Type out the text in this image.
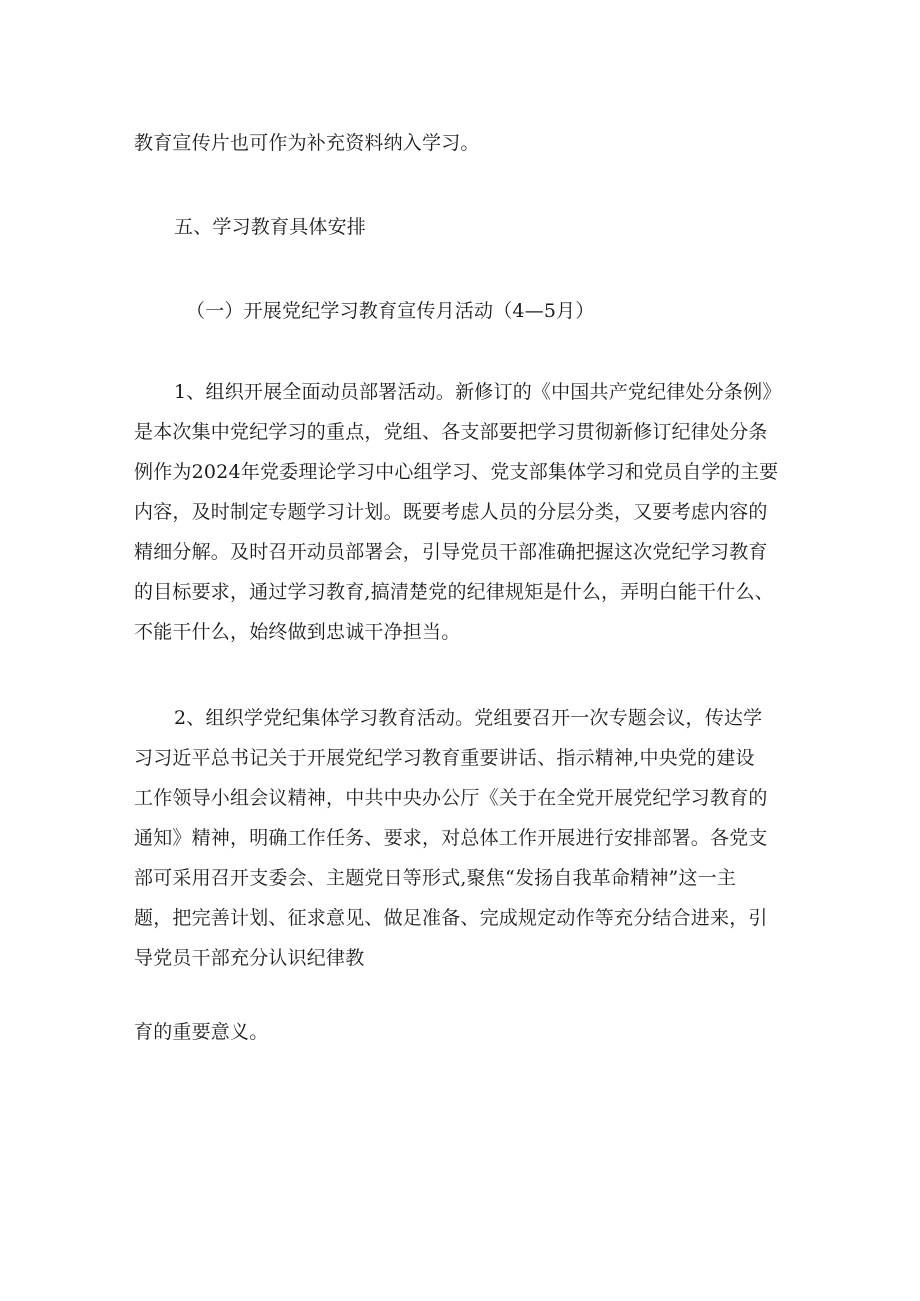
教育宣传片也可作为补充资料纳入学习。
五、学习教育具体安排
（一）开展党纪学习教育宣传月活动（4—5月）
1、组织开展全面动员部署活动。新修订的《中国共产党纪律处分条例》
是本次集中党纪学习的重点，党组、各支部要把学习贯彻新修订纪律处分条
例作为2024年党委理论学习中心组学习、党支部集体学习和党员自学的主要
内容，及时制定专题学习计划。既要考虑人员的分层分类，又要考虑内容的
精细分解。及时召开动员部署会，引导党员干部准确把握这次党纪学习教育
的目标要求，通过学习教育,搞清楚党的纪律规矩是什么，弄明白能干什么、
不能干什么，始终做到忠诚干净担当。
2、组织学党纪集体学习教育活动。党组要召开一次专题会议，传达学
习习近平总书记关于开展党纪学习教育重要讲话、指示精神,中央党的建设
工作领导小组会议精神，中共中央办公厅《关于在全党开展党纪学习教育的
通知》精神，明确工作任务、要求，对总体工作开展进行安排部署。各党支
部可采用召开支委会、主题党日等形式,聚焦“发扬自我革命精神”这一主
题，把完善计划、征求意见、做足准备、完成规定动作等充分结合进来，引
导党员干部充分认识纪律教
育的重要意义。
